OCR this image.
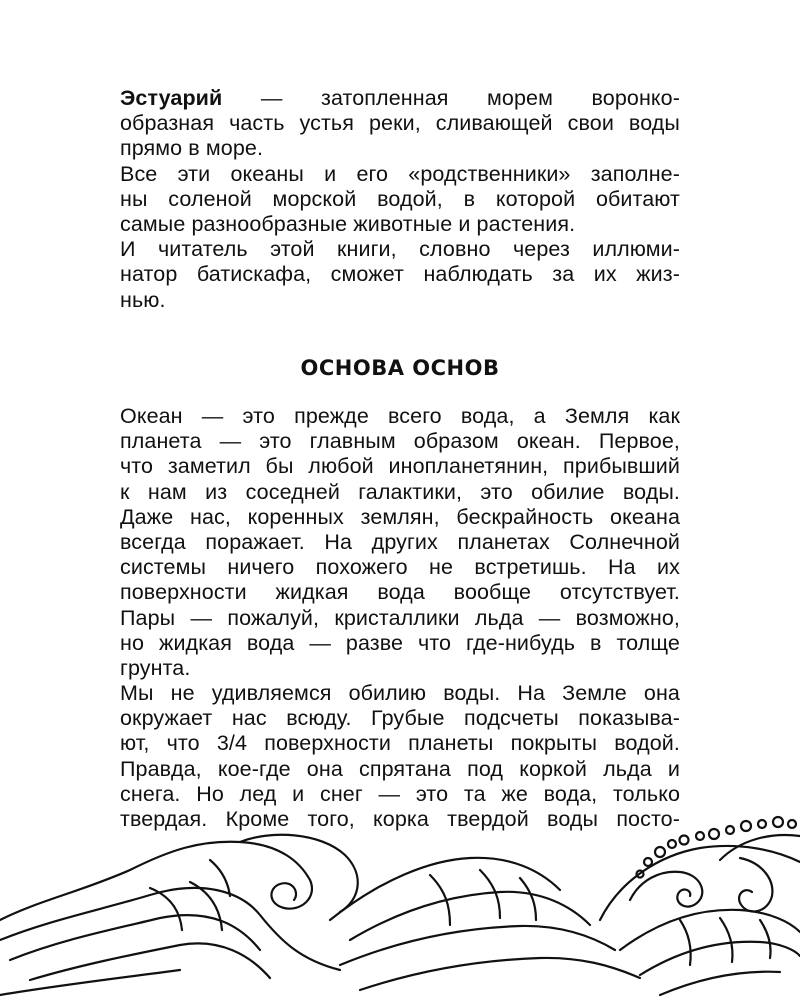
Эстуарий — затопленная морем воронко-
образная часть устья реки, сливающей свои воды
прямо в море.
Все эти океаны и его «родственники» заполне-
ны соленой морской водой, в которой обитают
самые разнообразные животные и растения.
И читатель этой книги, словно через иллюми-
натор батискафа, сможет наблюдать за их жиз-
нью.
ОСНОВА ОСНОВ
Океан — это прежде всего вода, а Земля как
планета — это главным образом океан. Первое,
что заметил бы любой инопланетянин, прибывший
к нам из соседней галактики, это обилие воды.
Даже нас, коренных землян, бескрайность океана
всегда поражает. На других планетах Солнечной
системы ничего похожего не встретишь. На их
поверхности жидкая вода вообще отсутствует.
Пары — пожалуй, кристаллики льда — возможно,
но жидкая вода — разве что где-нибудь в толще
грунта.
Мы не удивляемся обилию воды. На Земле она
окружает нас всюду. Грубые подсчеты показыва-
ют, что 3/4 поверхности планеты покрыты водой.
Правда, кое-где она спрятана под коркой льда и
снега. Но лед и снег — это та же вода, только
твердая. Кроме того, корка твердой воды посто-
